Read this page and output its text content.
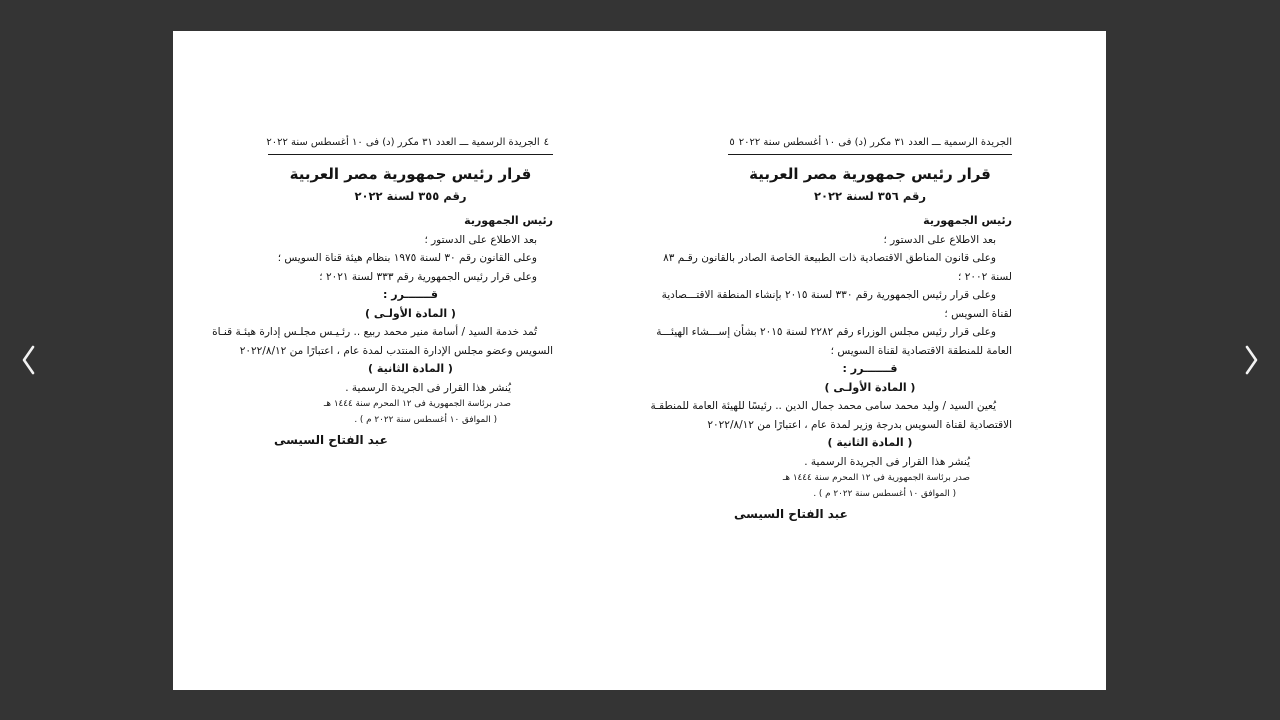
٤
الجريدة الرسمية ـــ العدد ٣١ مكرر (د) فى ١٠ أغسطس سنة ٢٠٢٢
قرار رئيس جمهورية مصر العربية
رقم ٣٥٥ لسنة ٢٠٢٢
رئيس الجمهورية
بعد الاطلاع على الدستور ؛
وعلى القانون رقم ٣٠ لسنة ١٩٧٥ بنظام هيئة قناة السويس ؛
وعلى قرار رئيس الجمهورية رقم ٣٣٣ لسنة ٢٠٢١ ؛
قـــــــرر :
( المادة الأولـى )
تُمد خدمة السيد / أسامة منير محمد ربيع .. رئـيـس مجلـس إدارة هيئـة قنـاة
السويس وعضو مجلس الإدارة المنتدب لمدة عام ، اعتبارًا من ٢٠٢٢/٨/١٢
( المادة الثانية )
يُنشر هذا القرار فى الجريدة الرسمية .
صدر برئاسة الجمهورية فى ١٢ المحرم سنة ١٤٤٤ هـ
( الموافق ١٠ أغسطس سنة ٢٠٢٢ م ) .
عبد الفتاح السيسى
الجريدة الرسمية ـــ العدد ٣١ مكرر (د) فى ١٠ أغسطس سنة ٢٠٢٢
٥
قرار رئيس جمهورية مصر العربية
رقم ٣٥٦ لسنة ٢٠٢٢
رئيس الجمهورية
بعد الاطلاع على الدستور ؛
وعلى قانون المناطق الاقتصادية ذات الطبيعة الخاصة الصادر بالقانون رقـم ٨٣
لسنة ٢٠٠٢ ؛
وعلى قرار رئيس الجمهورية رقم ٣٣٠ لسنة ٢٠١٥ بإنشاء المنطقة الاقتـــصادية
لقناة السويس ؛
وعلى قرار رئيس مجلس الوزراء رقم ٢٢٨٢ لسنة ٢٠١٥ بشأن إســـشاء الهيئـــة
العامة للمنطقة الاقتصادية لقناة السويس ؛
قـــــــرر :
( المادة الأولـى )
يُعين السيد / وليد محمد سامى محمد جمال الدين .. رئيسًا للهيئة العامة للمنطقـة
الاقتصادية لقناة السويس بدرجة وزير لمدة عام ، اعتبارًا من ٢٠٢٢/٨/١٢
( المادة الثانية )
يُنشر هذا القرار فى الجريدة الرسمية .
صدر برئاسة الجمهورية فى ١٢ المحرم سنة ١٤٤٤ هـ
( الموافق ١٠ أغسطس سنة ٢٠٢٢ م ) .
عبد الفتاح السيسى
